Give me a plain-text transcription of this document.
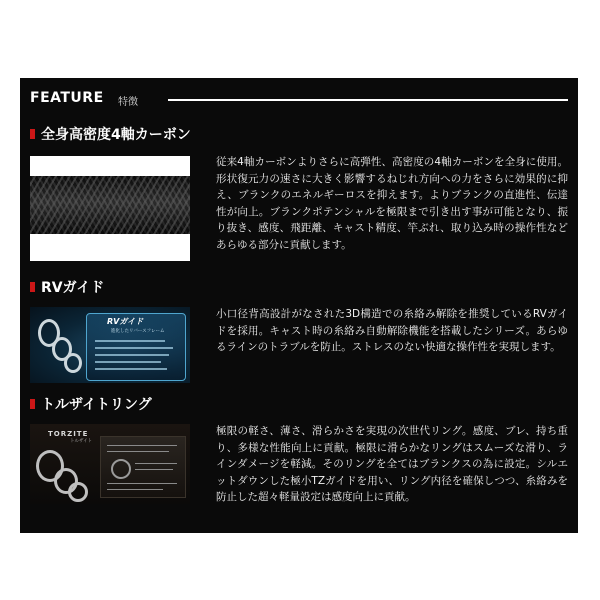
FEATURE 特徴
全身高密度4軸カーボン

従来4軸カーボンよりさらに高弾性、高密度の4軸カーボンを全身に使用。形状復元力の速さに大きく影響するねじれ方向への力をさらに効果的に抑え、ブランクのエネルギーロスを抑えます。よりブランクの直進性、伝達性が向上。ブランクポテンシャルを極限まで引き出す事が可能となり、振り抜き、感度、飛距離、キャスト精度、竿ぶれ、取り込み時の操作性などあらゆる部分に貢献します。

RVガイド
RVガイド
進化したリバースフレーム

小口径背高設計がなされた3D構造での糸絡み解除を推奨しているRVガイドを採用。キャスト時の糸絡み自動解除機能を搭載したシリーズ。あらゆるラインのトラブルを防止。ストレスのない快適な操作性を実現します。

トルザイトリング
TORZITE
トルザイト

極限の軽さ、薄さ、滑らかさを実現の次世代リング。感度、ブレ、持ち重り、多様な性能向上に貢献。極限に滑らかなリングはスムーズな滑り、ラインダメージを軽減。そのリングを全てはブランクスの為に設定。シルエットダウンした極小TZガイドを用い、リング内径を確保しつつ、糸絡みを防止した超々軽量設定は感度向上に貢献。
